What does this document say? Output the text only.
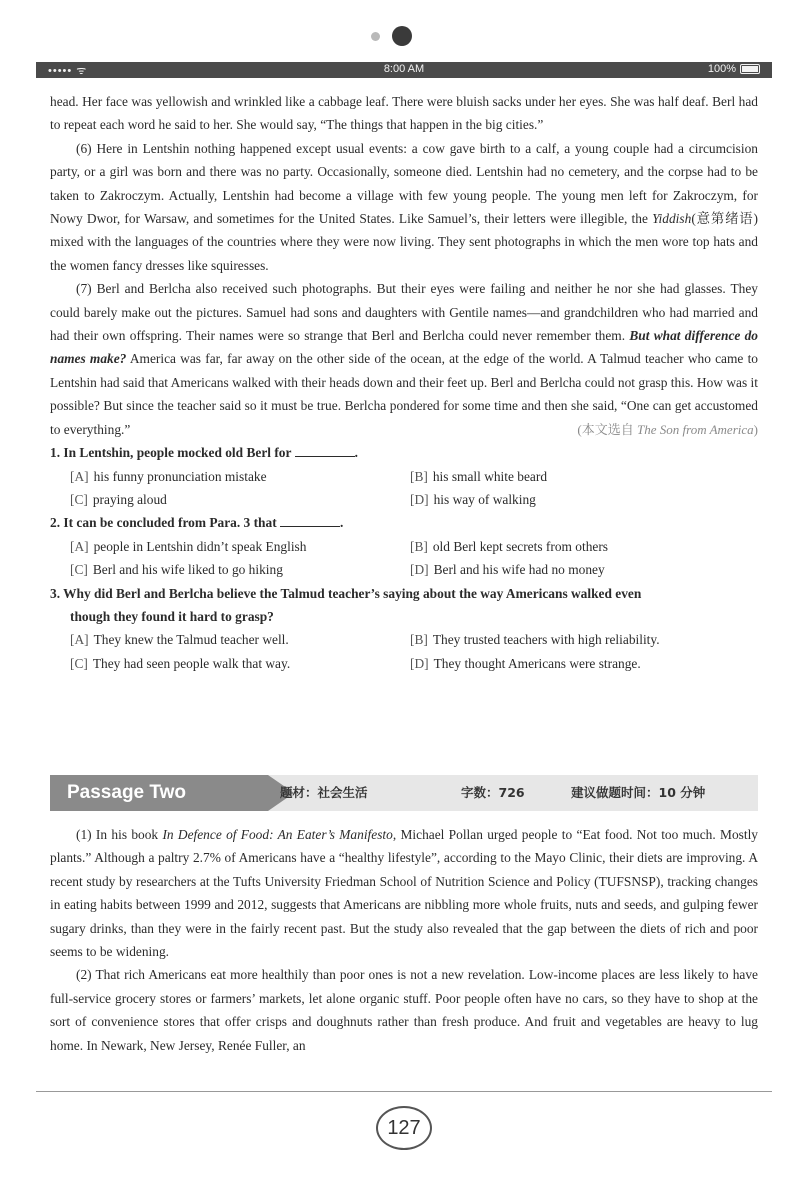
••••• ᯤ	8:00 AM	100%

head. Her face was yellowish and wrinkled like a cabbage leaf. There were bluish sacks under her eyes. She was half deaf. Berl had to repeat each word he said to her. She would say, “The things that happen in the big cities.”

(6) Here in Lentshin nothing happened except usual events: a cow gave birth to a calf, a young couple had a circumcision party, or a girl was born and there was no party. Occasionally, someone died. Lentshin had no cemetery, and the corpse had to be taken to Zakroczym. Actually, Lentshin had become a village with few young people. The young men left for Zakroczym, for Nowy Dwor, for Warsaw, and sometimes for the United States. Like Samuel’s, their letters were illegible, the Yiddish(意第绪语) mixed with the languages of the countries where they were now living. They sent photographs in which the men wore top hats and the women fancy dresses like squiresses.

(7) Berl and Berlcha also received such photographs. But their eyes were failing and neither he nor she had glasses. They could barely make out the pictures. Samuel had sons and daughters with Gentile names—and grandchildren who had married and had their own offspring. Their names were so strange that Berl and Berlcha could never remember them. But what difference do names make? America was far, far away on the other side of the ocean, at the edge of the world. A Talmud teacher who came to Lentshin had said that Americans walked with their heads down and their feet up. Berl and Berlcha could not grasp this. How was it possible? But since the teacher said so it must be true. Berlcha pondered for some time and then she said, “One can get accustomed to everything.”	(本文选自 The Son from America)

1. In Lentshin, people mocked old Berl for	.

[A] his funny pronunciation mistake	[B] his small white beard
[C] praying aloud	[D] his way of walking

2. It can be concluded from Para. 3 that	.

[A] people in Lentshin didn’t speak English	[B] old Berl kept secrets from others
[C] Berl and his wife liked to go hiking	[D] Berl and his wife had no money

3. Why did Berl and Berlcha believe the Talmud teacher’s saying about the way Americans walked even

though they found it hard to grasp?

[A] They knew the Talmud teacher well.	[B] They trusted teachers with high reliability.
[C] They had seen people walk that way.	[D] They thought Americans were strange.
Passage Two	题材：社会生活	字数：726	建议做题时间：10 分钟

(1) In his book In Defence of Food: An Eater’s Manifesto, Michael Pollan urged people to “Eat food. Not too much. Mostly plants.” Although a paltry 2.7% of Americans have a “healthy lifestyle”, according to the Mayo Clinic, their diets are improving. A recent study by researchers at the Tufts University Friedman School of Nutrition Science and Policy (TUFSNSP), tracking changes in eating habits between 1999 and 2012, suggests that Americans are nibbling more whole fruits, nuts and seeds, and gulping fewer sugary drinks, than they were in the fairly recent past. But the study also revealed that the gap between the diets of rich and poor seems to be widening.

(2) That rich Americans eat more healthily than poor ones is not a new revelation. Low-income places are less likely to have full-service grocery stores or farmers’ markets, let alone organic stuff. Poor people often have no cars, so they have to shop at the sort of convenience stores that offer crisps and doughnuts rather than fresh produce. And fruit and vegetables are heavy to lug home. In Newark, New Jersey, Renée Fuller, an

127
